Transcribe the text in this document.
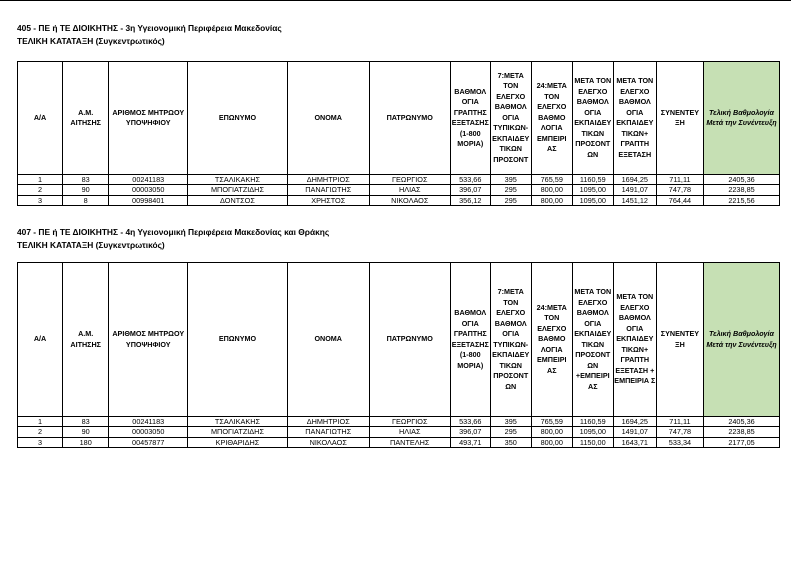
405 - ΠΕ ή ΤΕ ΔΙΟΙΚΗΤΗΣ - 3η Υγειονομική Περιφέρεια Μακεδονίας
ΤΕΛΙΚΗ ΚΑΤΑΤΑΞΗ (Συγκεντρωτικός)
Α/Α	Α.Μ. ΑΙΤΗΣΗΣ	ΑΡΙΘΜΟΣ ΜΗΤΡΩΟΥ ΥΠΟΨΗΦΙΟΥ	ΕΠΩΝΥΜΟ	ΟΝΟΜΑ	ΠΑΤΡΩΝΥΜΟ	ΒΑΘΜΟΛ ΟΓΙΑ ΓΡΑΠΤΗΣ ΕΞΕΤΑΣΗΣ (1-800 ΜΟΡΙΑ)	7:ΜΕΤΑ ΤΟΝ ΕΛΕΓΧΟ ΒΑΘΜΟΛ ΟΓΙΑ ΤΥΠΙΚΩΝ- ΕΚΠΑΙΔΕΥ ΤΙΚΩΝ ΠΡΟΣΟΝΤ	24:ΜΕΤΑ ΤΟΝ ΕΛΕΓΧΟ ΒΑΘΜΟ ΛΟΓΙΑ ΕΜΠΕΙΡΙ ΑΣ	ΜΕΤΑ ΤΟΝ ΕΛΕΓΧΟ ΒΑΘΜΟΛ ΟΓΙΑ ΕΚΠΑΙΔΕΥ ΤΙΚΩΝ ΠΡΟΣΟΝΤ ΩΝ	ΜΕΤΑ ΤΟΝ ΕΛΕΓΧΟ ΒΑΘΜΟΛ ΟΓΙΑ ΕΚΠΑΙΔΕΥ ΤΙΚΩΝ+ ΓΡΑΠΤΗ ΕΞΕΤΑΣΗ	ΣΥΝΕΝΤΕΥ ΞΗ	Τελική Βαθμολογία Μετά την Συνέντευξη
1	83	00241183	ΤΣΑΛΙΚΑΚΗΣ	ΔΗΜΗΤΡΙΟΣ	ΓΕΩΡΓΙΟΣ	533,66	395	765,59	1160,59	1694,25	711,11	2405,36
2	90	00003050	ΜΠΟΓΙΑΤΖΙΔΗΣ	ΠΑΝΑΓΙΩΤΗΣ	ΗΛΙΑΣ	396,07	295	800,00	1095,00	1491,07	747,78	2238,85
3	8	00998401	ΔΟΝΤΣΟΣ	ΧΡΗΣΤΟΣ	ΝΙΚΟΛΑΟΣ	356,12	295	800,00	1095,00	1451,12	764,44	2215,56
407 - ΠΕ ή ΤΕ ΔΙΟΙΚΗΤΗΣ - 4η Υγειονομική Περιφέρεια Μακεδονίας και Θράκης
ΤΕΛΙΚΗ ΚΑΤΑΤΑΞΗ (Συγκεντρωτικός)
Α/Α	Α.Μ. ΑΙΤΗΣΗΣ	ΑΡΙΘΜΟΣ ΜΗΤΡΩΟΥ ΥΠΟΨΗΦΙΟΥ	ΕΠΩΝΥΜΟ	ΟΝΟΜΑ	ΠΑΤΡΩΝΥΜΟ	ΒΑΘΜΟΛ ΟΓΙΑ ΓΡΑΠΤΗΣ ΕΞΕΤΑΣΗΣ (1-800 ΜΟΡΙΑ)	7:ΜΕΤΑ ΤΟΝ ΕΛΕΓΧΟ ΒΑΘΜΟΛ ΟΓΙΑ ΤΥΠΙΚΩΝ- ΕΚΠΑΙΔΕΥ ΤΙΚΩΝ ΠΡΟΣΟΝΤ ΩΝ	24:ΜΕΤΑ ΤΟΝ ΕΛΕΓΧΟ ΒΑΘΜΟ ΛΟΓΙΑ ΕΜΠΕΙΡΙ ΑΣ	ΜΕΤΑ ΤΟΝ ΕΛΕΓΧΟ ΒΑΘΜΟΛ ΟΓΙΑ ΕΚΠΑΙΔΕΥ ΤΙΚΩΝ ΠΡΟΣΟΝΤ ΩΝ +ΕΜΠΕΙΡΙ ΑΣ	ΜΕΤΑ ΤΟΝ ΕΛΕΓΧΟ ΒΑΘΜΟΛ ΟΓΙΑ ΕΚΠΑΙΔΕΥ ΤΙΚΩΝ+ ΓΡΑΠΤΗ ΕΞΕΤΑΣΗ + ΕΜΠΕΙΡΙΑ Σ	ΣΥΝΕΝΤΕΥ ΞΗ	Τελική Βαθμολογία Μετά την Συνέντευξη
1	83	00241183	ΤΣΑΛΙΚΑΚΗΣ	ΔΗΜΗΤΡΙΟΣ	ΓΕΩΡΓΙΟΣ	533,66	395	765,59	1160,59	1694,25	711,11	2405,36
2	90	00003050	ΜΠΟΓΙΑΤΖΙΔΗΣ	ΠΑΝΑΓΙΩΤΗΣ	ΗΛΙΑΣ	396,07	295	800,00	1095,00	1491,07	747,78	2238,85
3	180	00457877	ΚΡΙΘΑΡΙΔΗΣ	ΝΙΚΟΛΑΟΣ	ΠΑΝΤΕΛΗΣ	493,71	350	800,00	1150,00	1643,71	533,34	2177,05
